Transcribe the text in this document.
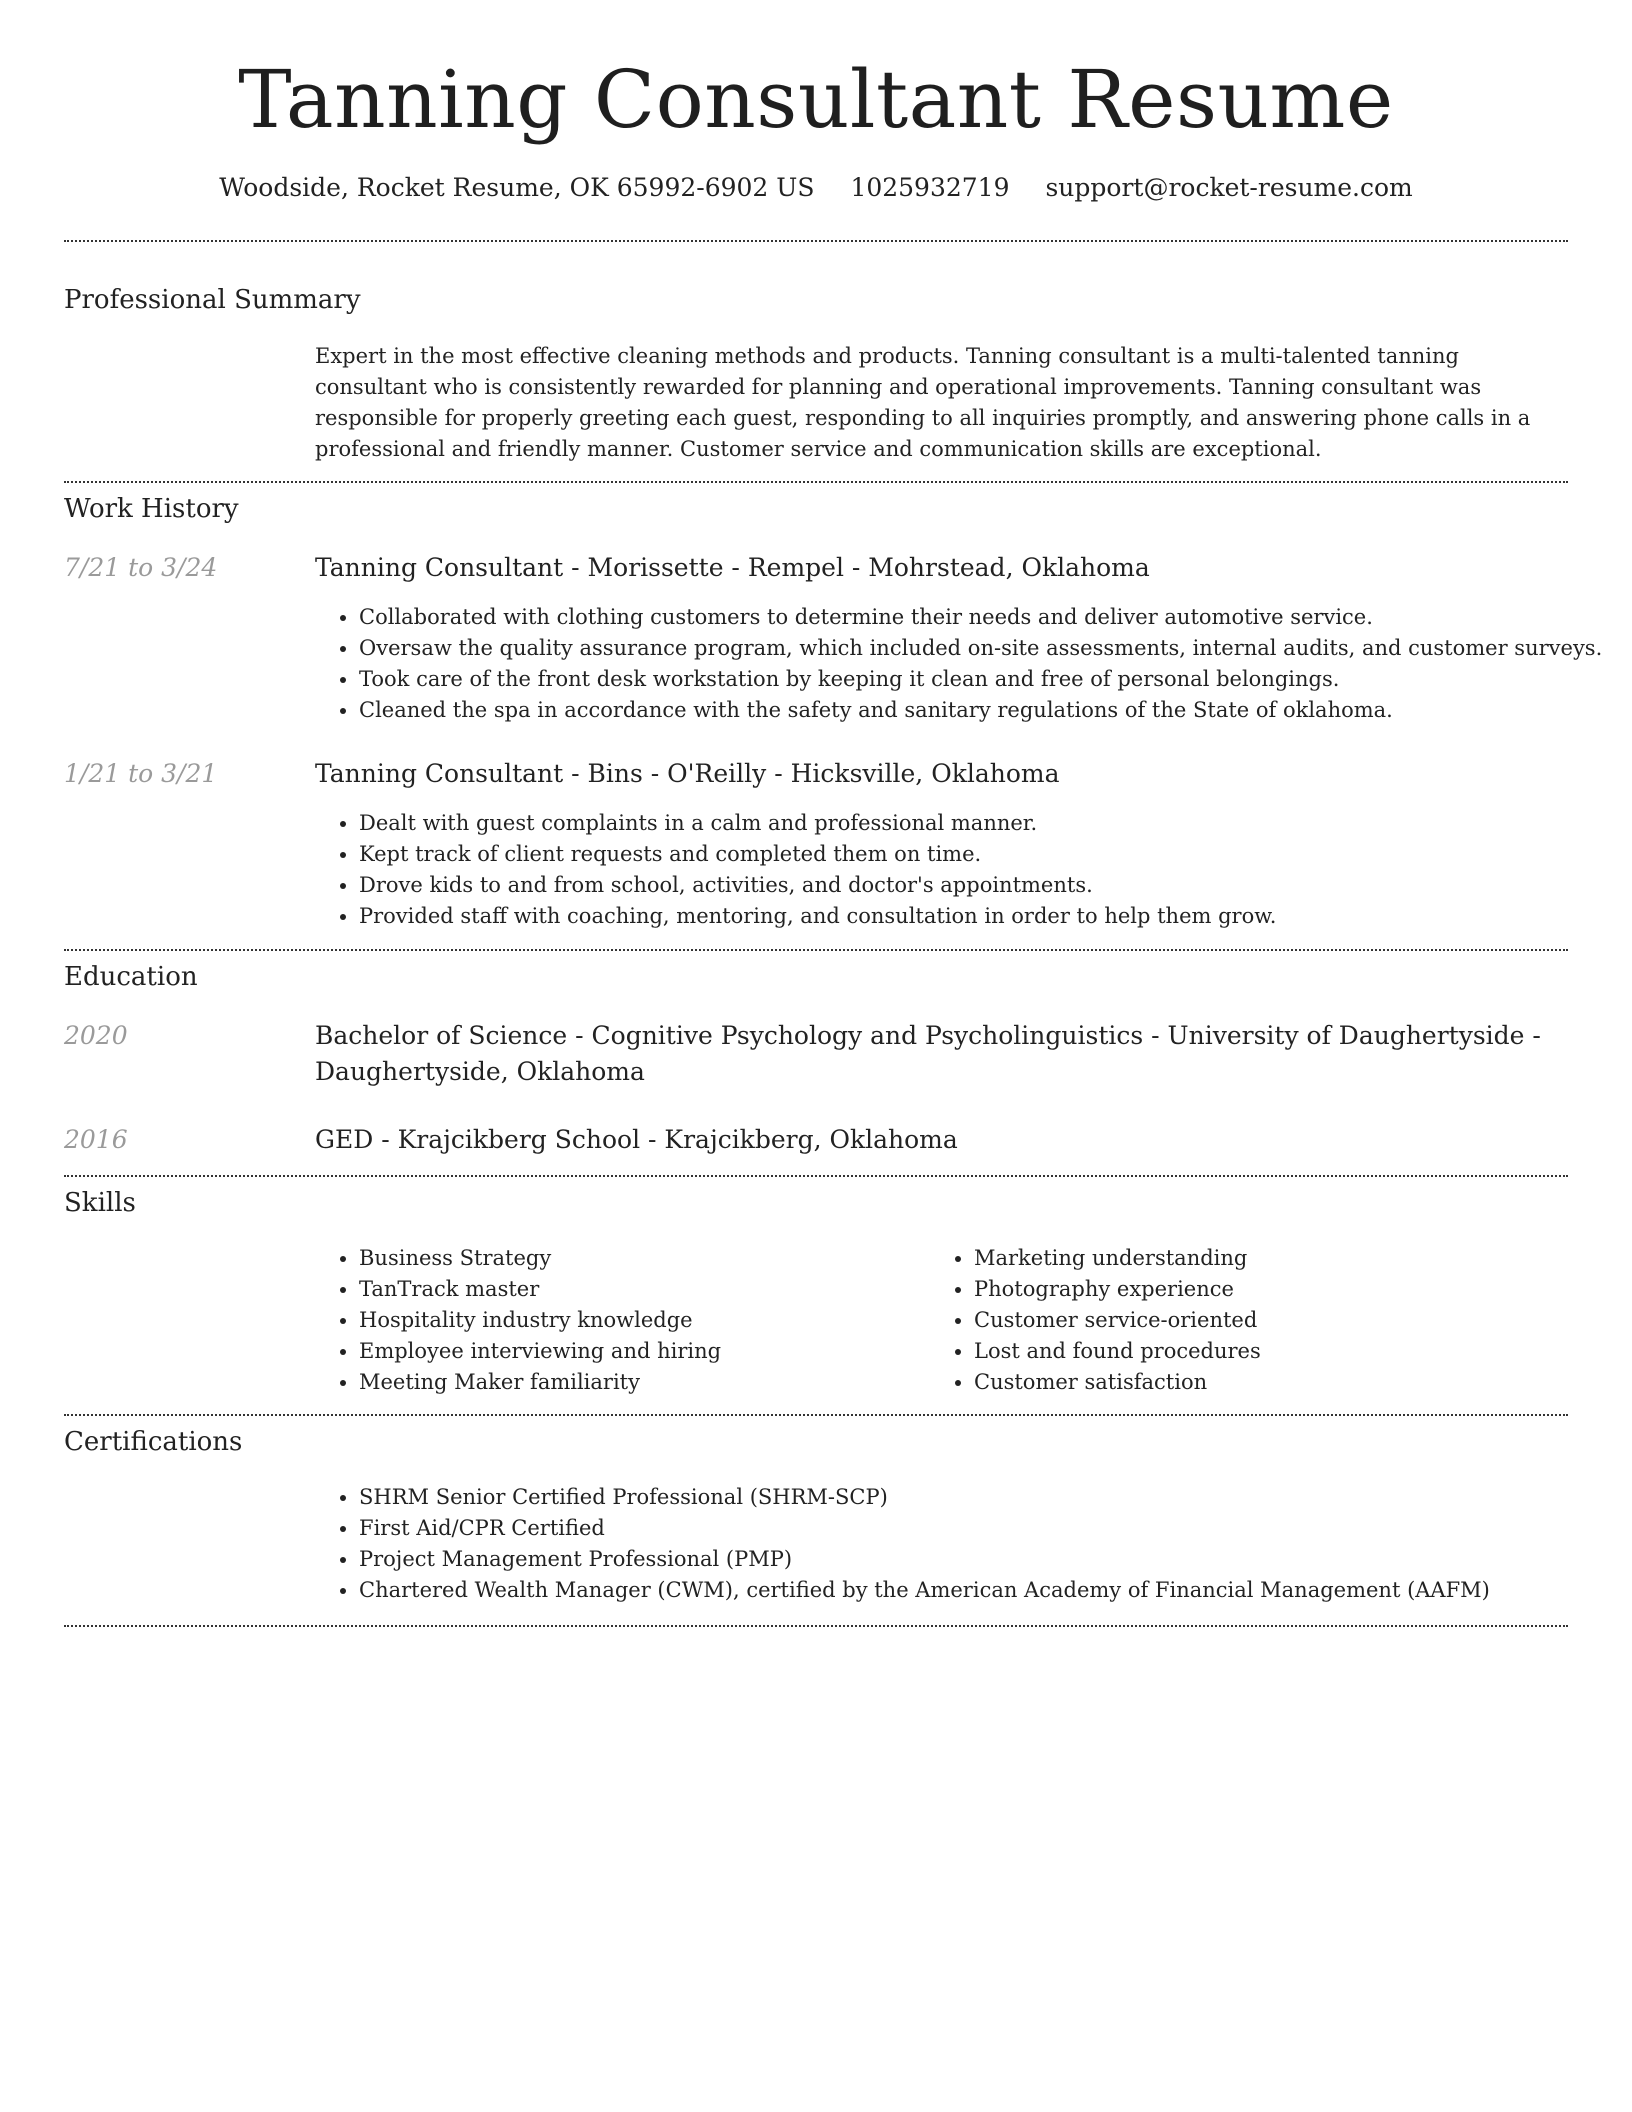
Tanning Consultant Resume
Woodside, Rocket Resume, OK 65992-6902 US 1025932719 support@rocket-resume.com
Professional Summary

Expert in the most effective cleaning methods and products. Tanning consultant is a multi-talented tanning consultant who is consistently rewarded for planning and operational improvements. Tanning consultant was responsible for properly greeting each guest, responding to all inquiries promptly, and answering phone calls in a professional and friendly manner. Customer service and communication skills are exceptional.

Work History
7/21 to 3/24	Tanning Consultant - Morissette - Rempel - Mohrstead, Oklahoma
• Collaborated with clothing customers to determine their needs and deliver automotive service.
• Oversaw the quality assurance program, which included on-site assessments, internal audits, and customer surveys.
• Took care of the front desk workstation by keeping it clean and free of personal belongings.
• Cleaned the spa in accordance with the safety and sanitary regulations of the State of oklahoma.
1/21 to 3/21	Tanning Consultant - Bins - O'Reilly - Hicksville, Oklahoma
• Dealt with guest complaints in a calm and professional manner.
• Kept track of client requests and completed them on time.
• Drove kids to and from school, activities, and doctor's appointments.
• Provided staff with coaching, mentoring, and consultation in order to help them grow.
Education
2020	Bachelor of Science - Cognitive Psychology and Psycholinguistics - University of Daughertyside - Daughertyside, Oklahoma
2016	GED - Krajcikberg School - Krajcikberg, Oklahoma
Skills
• Business Strategy
• TanTrack master
• Hospitality industry knowledge
• Employee interviewing and hiring
• Meeting Maker familiarity
• Marketing understanding
• Photography experience
• Customer service-oriented
• Lost and found procedures
• Customer satisfaction
Certifications
• SHRM Senior Certified Professional (SHRM-SCP)
• First Aid/CPR Certified
• Project Management Professional (PMP)
• Chartered Wealth Manager (CWM), certified by the American Academy of Financial Management (AAFM)
